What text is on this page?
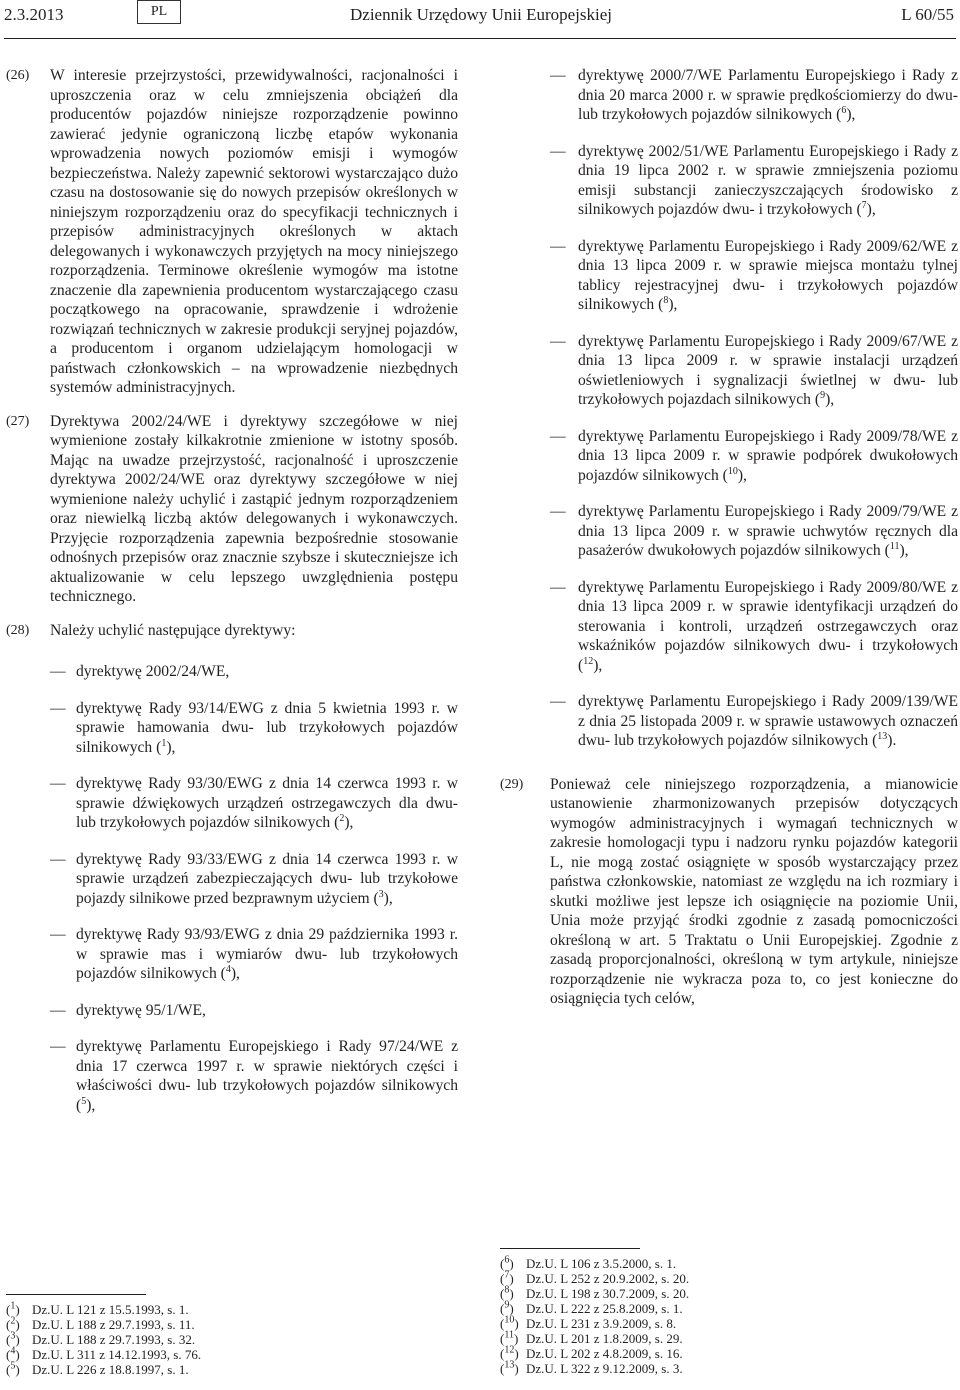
2.3.2013	PL	Dziennik Urzędowy Unii Europejskiej	L 60/55
(26) W interesie przejrzystości, przewidywalności, racjonalności i uproszczenia oraz w celu zmniejszenia obciążeń dla producentów pojazdów niniejsze rozporządzenie powinno zawierać jedynie ograniczoną liczbę etapów wykonania wprowadzenia nowych poziomów emisji i wymogów bezpieczeństwa. Należy zapewnić sektorowi wystarczająco dużo czasu na dostosowanie się do nowych przepisów określonych w niniejszym rozporządzeniu oraz do specyfikacji technicznych i przepisów administracyjnych określonych w aktach delegowanych i wykonawczych przyjętych na mocy niniejszego rozporządzenia. Terminowe określenie wymogów ma istotne znaczenie dla zapewnienia producentom wystarczającego czasu początkowego na opracowanie, sprawdzenie i wdrożenie rozwiązań technicznych w zakresie produkcji seryjnej pojazdów, a producentom i organom udzielającym homologacji w państwach członkowskich – na wprowadzenie niezbędnych systemów administracyjnych.

(27) Dyrektywa 2002/24/WE i dyrektywy szczegółowe w niej wymienione zostały kilkakrotnie zmienione w istotny sposób. Mając na uwadze przejrzystość, racjonalność i uproszczenie dyrektywa 2002/24/WE oraz dyrektywy szczegółowe w niej wymienione należy uchylić i zastąpić jednym rozporządzeniem oraz niewielką liczbą aktów delegowanych i wykonawczych. Przyjęcie rozporządzenia zapewnia bezpośrednie stosowanie odnośnych przepisów oraz znacznie szybsze i skuteczniejsze ich aktualizowanie w celu lepszego uwzględnienia postępu technicznego.

(28) Należy uchylić następujące dyrektywy:

— dyrektywę 2002/24/WE,
— dyrektywę Rady 93/14/EWG z dnia 5 kwietnia 1993 r. w sprawie hamowania dwu- lub trzykołowych pojazdów silnikowych ($^1$),
— dyrektywę Rady 93/30/EWG z dnia 14 czerwca 1993 r. w sprawie dźwiękowych urządzeń ostrzegawczych dla dwu- lub trzykołowych pojazdów silnikowych ($^2$),
— dyrektywę Rady 93/33/EWG z dnia 14 czerwca 1993 r. w sprawie urządzeń zabezpieczających dwu- lub trzykołowe pojazdy silnikowe przed bezprawnym użyciem ($^3$),
— dyrektywę Rady 93/93/EWG z dnia 29 października 1993 r. w sprawie mas i wymiarów dwu- lub trzykołowych pojazdów silnikowych ($^4$),
— dyrektywę 95/1/WE,
— dyrektywę Parlamentu Europejskiego i Rady 97/24/WE z dnia 17 czerwca 1997 r. w sprawie niektórych części i właściwości dwu- lub trzykołowych pojazdów silnikowych ($^5$),
— dyrektywę 2000/7/WE Parlamentu Europejskiego i Rady z dnia 20 marca 2000 r. w sprawie prędkościomierzy do dwu- lub trzykołowych pojazdów silnikowych ($^6$),
— dyrektywę 2002/51/WE Parlamentu Europejskiego i Rady z dnia 19 lipca 2002 r. w sprawie zmniejszenia poziomu emisji substancji zanieczyszczających środowisko z silnikowych pojazdów dwu- i trzykołowych ($^7$),
— dyrektywę Parlamentu Europejskiego i Rady 2009/62/WE z dnia 13 lipca 2009 r. w sprawie miejsca montażu tylnej tablicy rejestracyjnej dwu- i trzykołowych pojazdów silnikowych ($^8$),
— dyrektywę Parlamentu Europejskiego i Rady 2009/67/WE z dnia 13 lipca 2009 r. w sprawie instalacji urządzeń oświetleniowych i sygnalizacji świetlnej w dwu- lub trzykołowych pojazdach silnikowych ($^9$),
— dyrektywę Parlamentu Europejskiego i Rady 2009/78/WE z dnia 13 lipca 2009 r. w sprawie podpórek dwukołowych pojazdów silnikowych ($^{10}$),
— dyrektywę Parlamentu Europejskiego i Rady 2009/79/WE z dnia 13 lipca 2009 r. w sprawie uchwytów ręcznych dla pasażerów dwukołowych pojazdów silnikowych ($^{11}$),
— dyrektywę Parlamentu Europejskiego i Rady 2009/80/WE z dnia 13 lipca 2009 r. w sprawie identyfikacji urządzeń do sterowania i kontroli, urządzeń ostrzegawczych oraz wskaźników pojazdów silnikowych dwu- i trzykołowych ($^{12}$),
— dyrektywę Parlamentu Europejskiego i Rady 2009/139/WE z dnia 25 listopada 2009 r. w sprawie ustawowych oznaczeń dwu- lub trzykołowych pojazdów silnikowych ($^{13}$).
(29) Ponieważ cele niniejszego rozporządzenia, a mianowicie ustanowienie zharmonizowanych przepisów dotyczących wymogów administracyjnych i wymagań technicznych w zakresie homologacji typu i nadzoru rynku pojazdów kategorii L, nie mogą zostać osiągnięte w sposób wystarczający przez państwa członkowskie, natomiast ze względu na ich rozmiary i skutki możliwe jest lepsze ich osiągnięcie na poziomie Unii, Unia może przyjąć środki zgodnie z zasadą pomocniczości określoną w art. 5 Traktatu o Unii Europejskiej. Zgodnie z zasadą proporcjonalności, określoną w tym artykule, niniejsze rozporządzenie nie wykracza poza to, co jest konieczne do osiągnięcia tych celów,

($^1$) Dz.U. L 121 z 15.5.1993, s. 1.
($^2$) Dz.U. L 188 z 29.7.1993, s. 11.
($^3$) Dz.U. L 188 z 29.7.1993, s. 32.
($^4$) Dz.U. L 311 z 14.12.1993, s. 76.
($^5$) Dz.U. L 226 z 18.8.1997, s. 1.
($^6$) Dz.U. L 106 z 3.5.2000, s. 1.
($^7$) Dz.U. L 252 z 20.9.2002, s. 20.
($^8$) Dz.U. L 198 z 30.7.2009, s. 20.
($^9$) Dz.U. L 222 z 25.8.2009, s. 1.
($^{10}$) Dz.U. L 231 z 3.9.2009, s. 8.
($^{11}$) Dz.U. L 201 z 1.8.2009, s. 29.
($^{12}$) Dz.U. L 202 z 4.8.2009, s. 16.
($^{13}$) Dz.U. L 322 z 9.12.2009, s. 3.
